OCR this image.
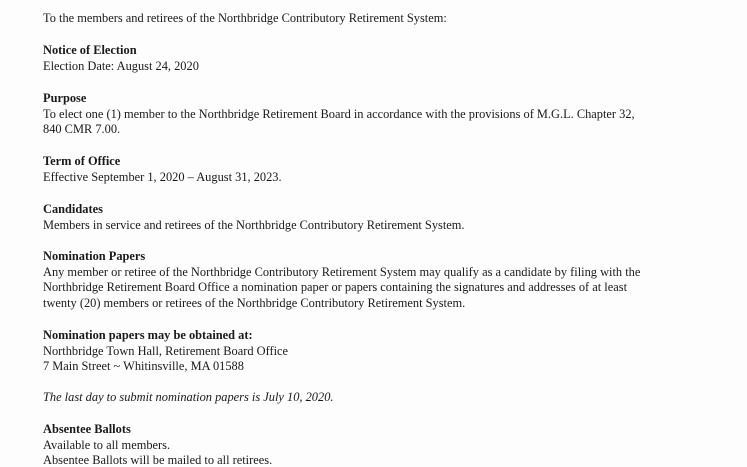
To the members and retirees of the Northbridge Contributory Retirement System:
Notice of Election
Election Date: August 24, 2020
Purpose
To elect one (1) member to the Northbridge Retirement Board in accordance with the provisions of M.G.L. Chapter 32,
840 CMR 7.00.
Term of Office
Effective September 1, 2020 – August 31, 2023.
Candidates
Members in service and retirees of the Northbridge Contributory Retirement System.
Nomination Papers
Any member or retiree of the Northbridge Contributory Retirement System may qualify as a candidate by filing with the
Northbridge Retirement Board Office a nomination paper or papers containing the signatures and addresses of at least
twenty (20) members or retirees of the Northbridge Contributory Retirement System.
Nomination papers may be obtained at:
Northbridge Town Hall, Retirement Board Office
7 Main Street ~ Whitinsville, MA 01588
The last day to submit nomination papers is July 10, 2020.
Absentee Ballots
Available to all members.
Absentee Ballots will be mailed to all retirees.
